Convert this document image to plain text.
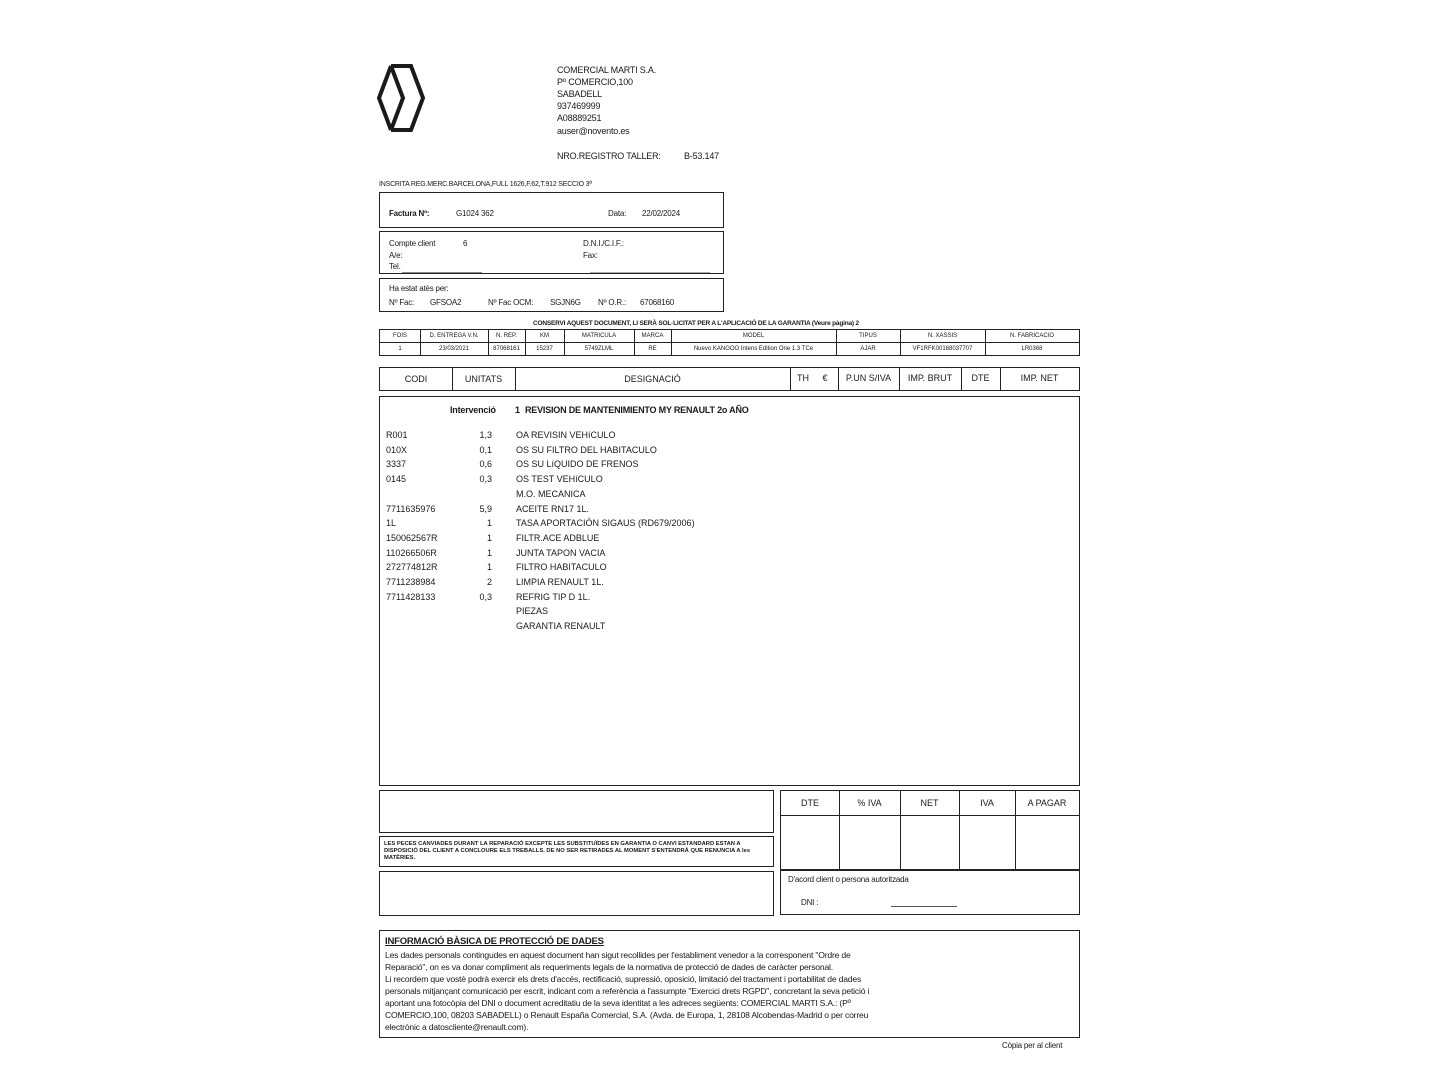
COMERCIAL MARTI S.A.
Pº COMERCIO,100
SABADELL
937469999
A08889251
auser@novento.es
NRO.REGISTRO TALLER:	B-53.147
INSCRITA REG.MERC.BARCELONA,FULL 1626,F.62,T.912 SECCIO 3ª
Factura Nº:	G1024 362	Data: 22/02/2024
Compte client	6	D.N.I./C.I.F.:
A/e:	Fax:
Tel.
Ha estat atès per:
Nº Fac: GFSOA2	Nº Fac OCM: SGJN6G Nº O.R.: 67068160
CONSERVI AQUEST DOCUMENT, LI SERÀ SOL·LICITAT PER A L'APLICACIÓ DE LA GARANTIA (Veure pàgina) 2
FOIS	D. ENTREGA V.N.	N. REP.	KM	MATRICULA	MARCA	MODEL	TIPUS	N. XASSIS	N. FABRICACIO
1	23/03/2021	87068161	15237	5749ZLML	RE	Nuevo KANGOO Intens Edition One 1.3 TCe	AJAR	VF1RFK00168037707	LR0368
CODI	UNITATS	DESIGNACIÓ	TH	€	P.UN S/IVA	IMP. BRUT	DTE	IMP. NET
Intervenció 1 REVISION DE MANTENIMIENTO MY RENAULT 2o AÑO
R001	1,3	OA REVISIN VEHíCULO
010X	0,1	OS SU FILTRO DEL HABITACULO
3337	0,6	OS SU LíQUIDO DE FRENOS
0145	0,3	OS TEST VEHíCULO
M.O. MECANICA
7711635976	5,9	ACEITE RN17 1L.
1L	1	TASA APORTACIÓN SIGAUS (RD679/2006)
150062567R	1	FILTR.ACE ADBLUE
110266506R	1	JUNTA TAPON VACIA
272774812R	1	FILTRO HABITACULO
7711238984	2	LIMPIA RENAULT 1L.
7711428133	0,3	REFRIG TIP D 1L.
PIEZAS
GARANTIA RENAULT
LES PECES CANVIADES DURANT LA REPARACIÓ EXCEPTE LES SUBSTITUÏDES EN GARANTIA O CANVI ESTANDARD ESTAN A DISPOSICIÓ DEL CLIENT A CONCLOURE ELS TREBALLS. DE NO SER RETIRADES AL MOMENT S'ENTENDRÀ QUE RENUNCIA A les MATÈRIES.
DTE	% IVA	NET	IVA	A PAGAR
D'acord client o persona autoritzada
DNI :
INFORMACIÓ BÀSICA DE PROTECCIÓ DE DADES
Les dades personals contingudes en aquest document han sigut recollides per l'establiment venedor a la corresponent "Ordre de
Reparació", on es va donar compliment als requeriments legals de la normativa de protecció de dades de caràcter personal.
Li recordem que vostè podrà exercir els drets d'accés, rectificació, supressió, oposició, limitació del tractament i portabilitat de dades
personals mitjançant comunicació per escrit, indicant com a referència a l'assumpte "Exercici drets RGPD", concretant la seva petició i
aportant una fotocòpia del DNI o document acreditatiu de la seva identitat a les adreces següents: COMERCIAL MARTI S.A.: (Pº
COMERCIO,100, 08203 SABADELL) o Renault España Comercial, S.A. (Avda. de Europa, 1, 28108 Alcobendas-Madrid o per correu
electrònic a datoscliente@renault.com).
Còpia per al client
